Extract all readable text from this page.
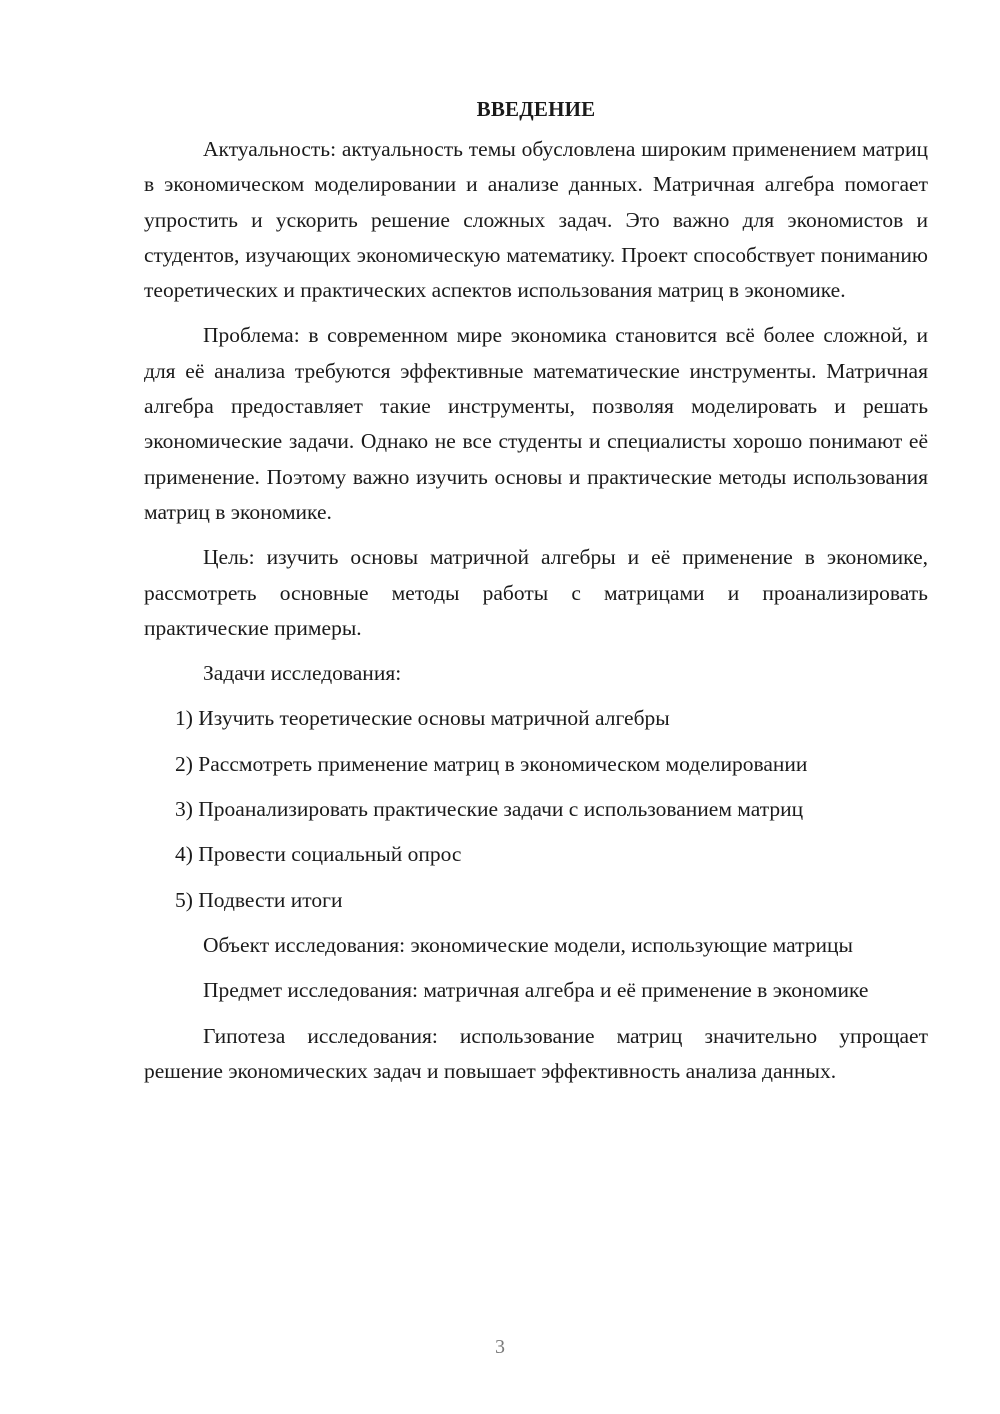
ВВЕДЕНИЕ

Актуальность: актуальность темы обусловлена широким применением матриц в экономическом моделировании и анализе данных. Матричная алгебра помогает упростить и ускорить решение сложных задач. Это важно для экономистов и студентов, изучающих экономическую математику. Проект способствует пониманию теоретических и практических аспектов использования матриц в экономике.

Проблема: в современном мире экономика становится всё более сложной, и для её анализа требуются эффективные математические инструменты. Матричная алгебра предоставляет такие инструменты, позволяя моделировать и решать экономические задачи. Однако не все студенты и специалисты хорошо понимают её применение. Поэтому важно изучить основы и практические методы использования матриц в экономике.

Цель: изучить основы матричной алгебры и её применение в экономике, рассмотреть основные методы работы с матрицами и проанализировать практические примеры.

Задачи исследования:

1) Изучить теоретические основы матричной алгебры
2) Рассмотреть применение матриц в экономическом моделировании
3) Проанализировать практические задачи с использованием матриц
4) Провести социальный опрос
5) Подвести итоги

Объект исследования: экономические модели, использующие матрицы

Предмет исследования: матричная алгебра и её применение в экономике

Гипотеза исследования: использование матриц значительно упрощает решение экономических задач и повышает эффективность анализа данных.

3
